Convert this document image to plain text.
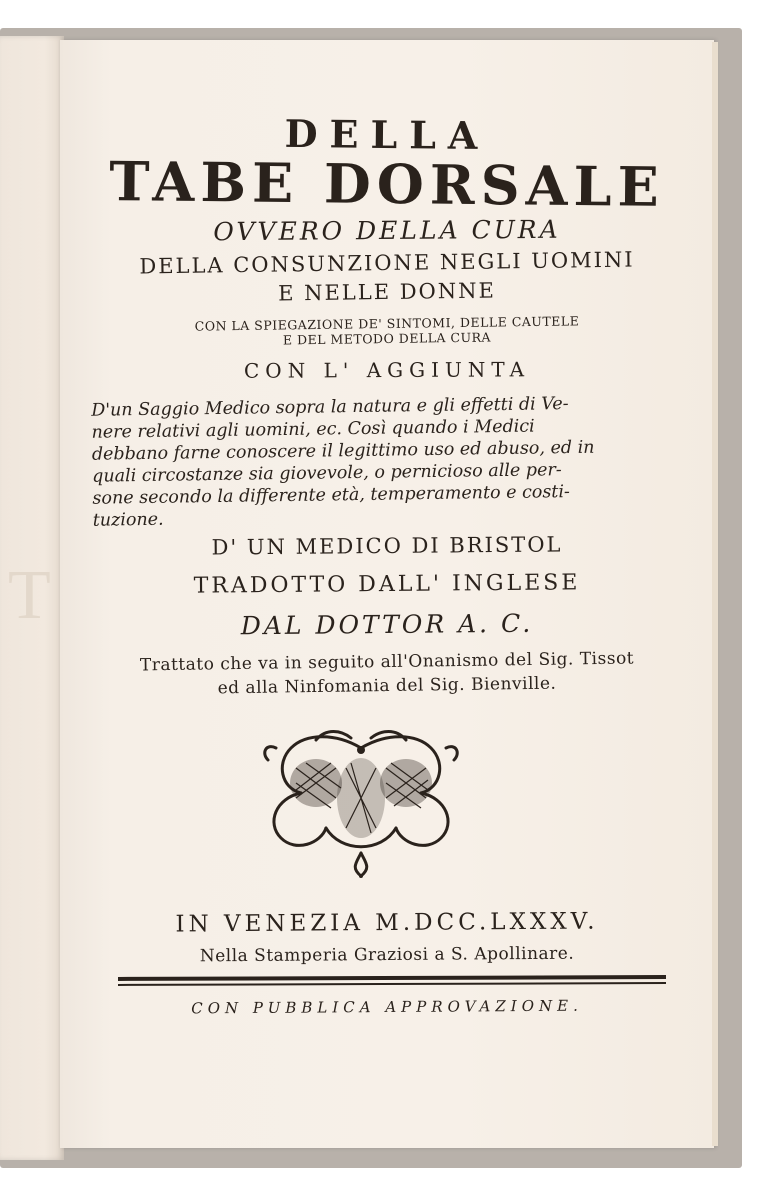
T
DELLA
TABE DORSALE
OVVERO DELLA CURA
DELLA CONSUNZIONE NEGLI UOMINI
E NELLE DONNE
CON LA SPIEGAZIONE DE' SINTOMI, DELLE CAUTELE
E DEL METODO DELLA CURA
CON L' AGGIUNTA
D'un Saggio Medico sopra la natura e gli effetti di Ve-
nere relativi agli uomini, ec. Così quando i Medici
debbano farne conoscere il legittimo uso ed abuso, ed in
quali circostanze sia giovevole, o pernicioso alle per-
sone secondo la differente età, temperamento e costi-
tuzione.
D' UN MEDICO DI BRISTOL
TRADOTTO DALL' INGLESE
DAL DOTTOR A. C.
Trattato che va in seguito all'Onanismo del Sig. Tissot
ed alla Ninfomania del Sig. Bienville.
IN VENEZIA M.DCC.LXXXV.
Nella Stamperia Graziosi a S. Apollinare.
CON PUBBLICA APPROVAZIONE.
